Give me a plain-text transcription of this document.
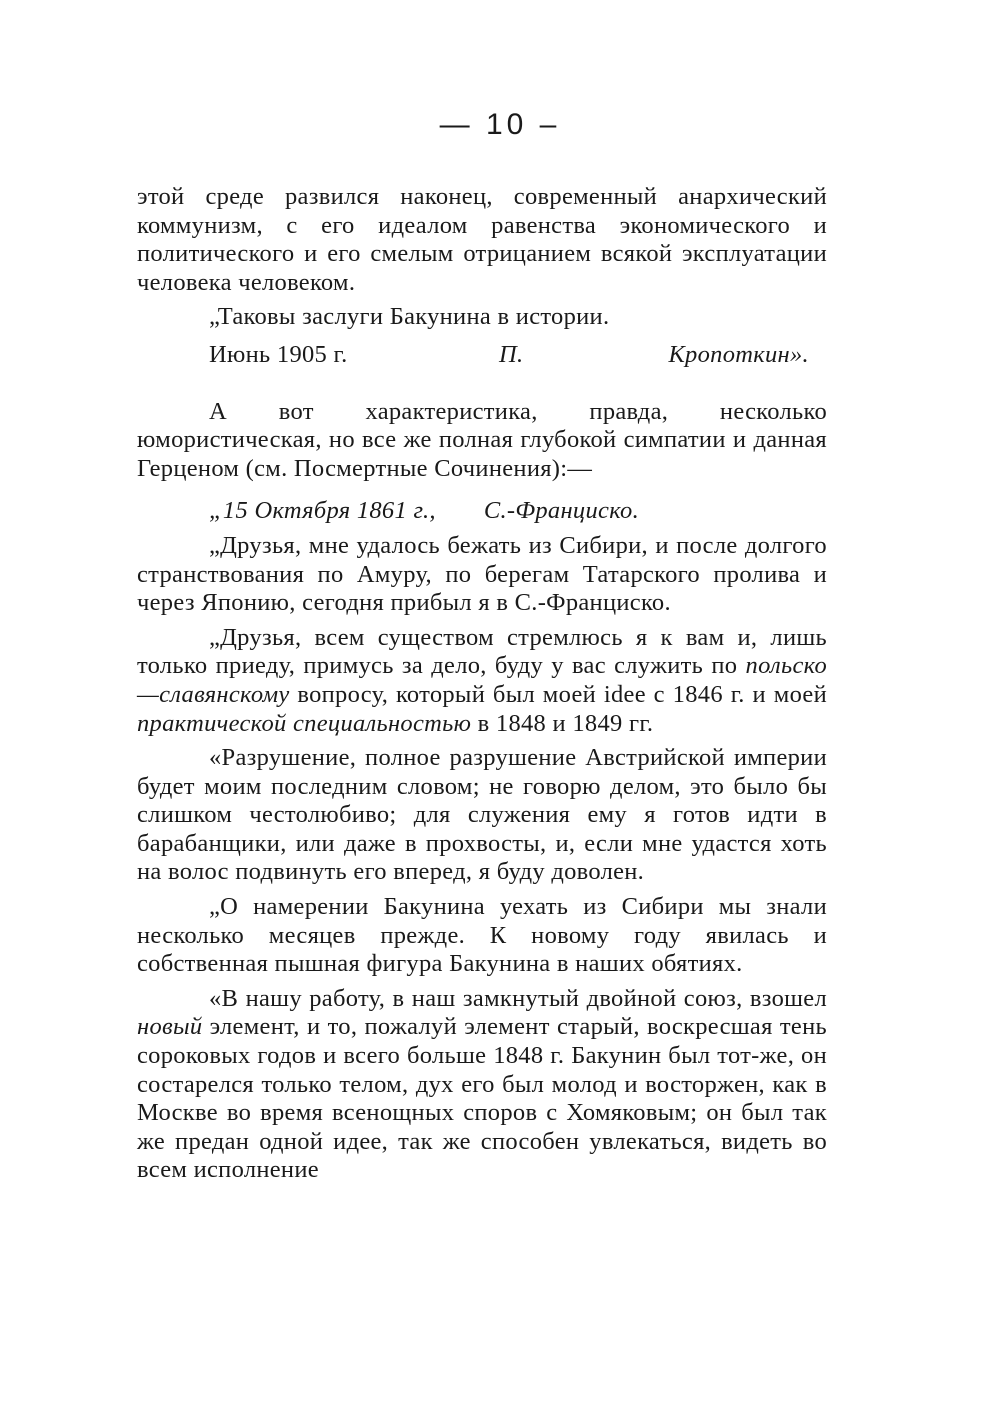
— 10 –

этой среде развился наконец, современный анархический коммунизм, с его идеалом равенства экономического и политического и его смелым отрицанием всякой эксплуатации человека человеком.

„Таковы заслуги Бакунина в истории.

Июнь 1905 г.	П.	Кропоткин».

А вот характеристика, правда, несколько юмористическая, но все же полная глубокой симпатии и данная Герценом (см. Посмертные Сочинения):—

„15 Октября 1861 г., С.-Франциско.

„Друзья, мне удалось бежать из Сибири, и после долгого странствования по Амуру, по берегам Татарского пролива и через Японию, сегодня прибыл я в С.-Франциско.

„Друзья, всем существом стремлюсь я к вам и, лишь только приеду, примусь за дело, буду у вас служить по польско—славянскому вопросу, который был моей idee с 1846 г. и моей практической специальностью в 1848 и 1849 гг.

«Разрушение, полное разрушение Австрийской империи будет моим последним словом; не говорю делом, это было бы слишком честолюбиво; для служения ему я готов идти в барабанщики, или даже в прохвосты, и, если мне удастся хоть на волос подвинуть его вперед, я буду доволен.

„О намерении Бакунина уехать из Сибири мы знали несколько месяцев прежде. К новому году явилась и собственная пышная фигура Бакунина в наших обятиях.

«В нашу работу, в наш замкнутый двойной союз, взошел новый элемент, и то, пожалуй элемент старый, воскресшая тень сороковых годов и всего больше 1848 г. Бакунин был тот-же, он состарелся только телом, дух его был молод и восторжен, как в Москве во время всенощных споров с Хомяковым; он был так же предан одной идее, так же способен увлекаться, видеть во всем исполнение
